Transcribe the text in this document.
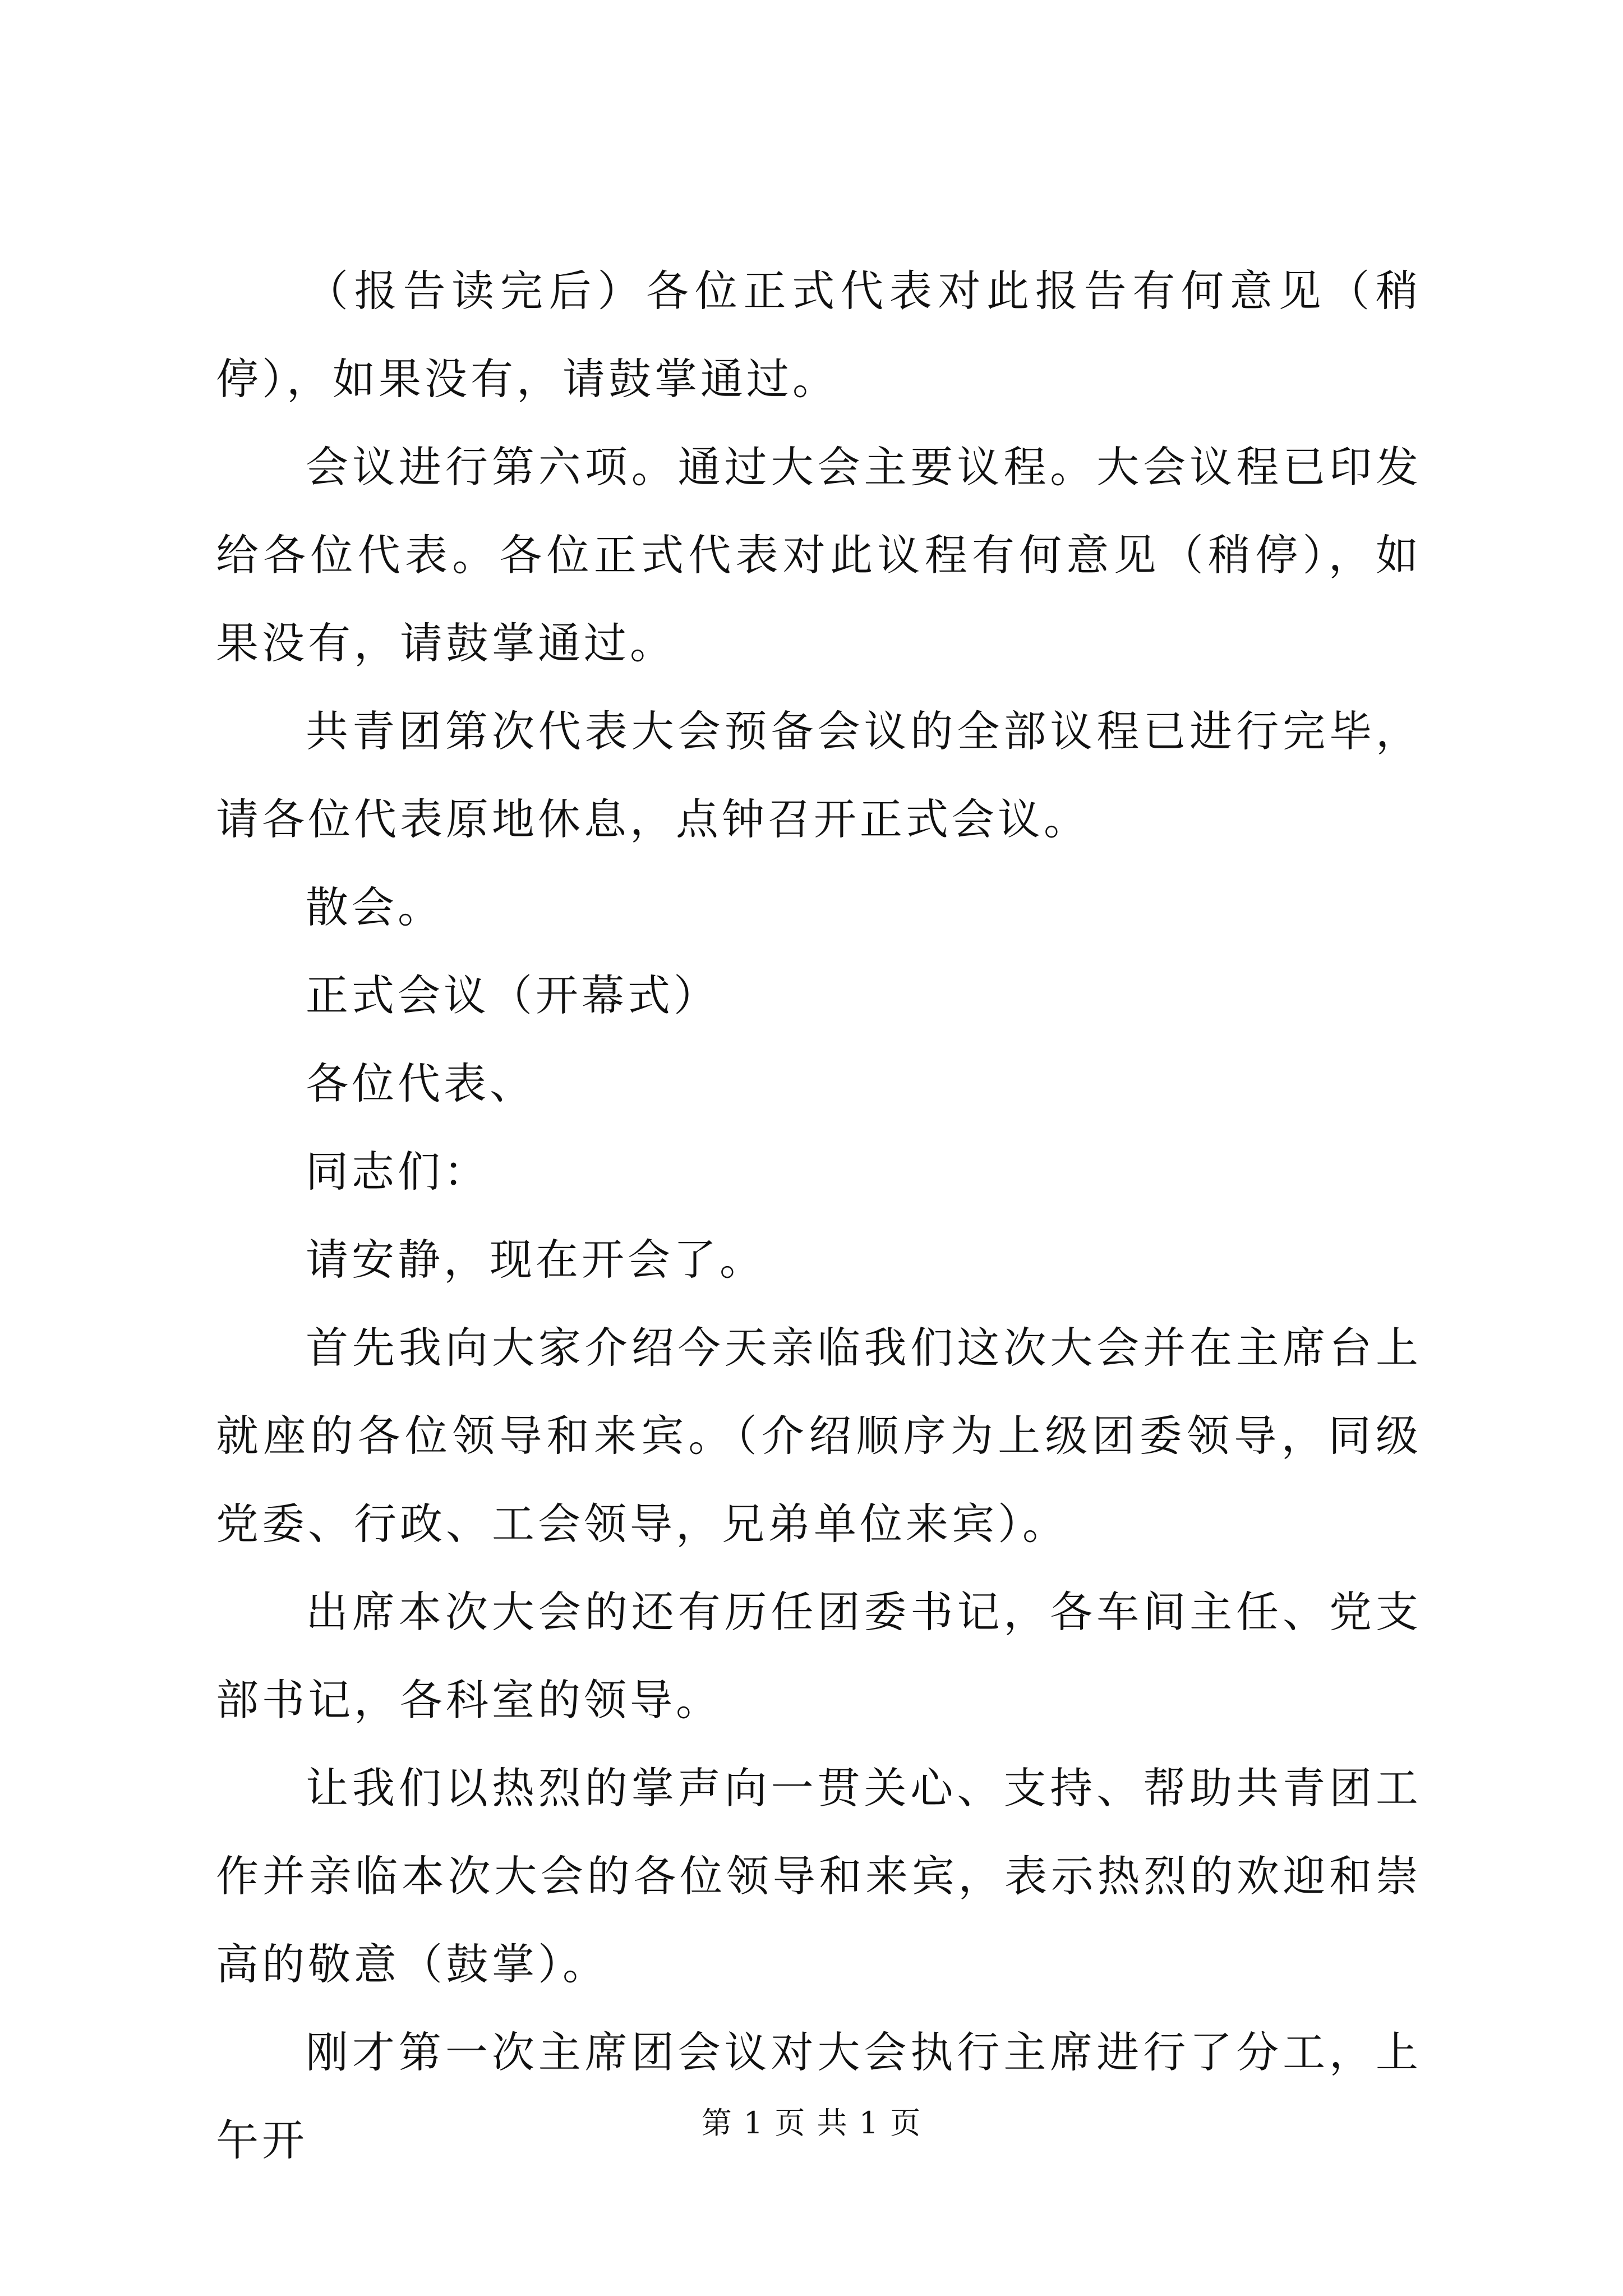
（报告读完后）各位正式代表对此报告有何意见（稍停），如果没有，请鼓掌通过。

会议进行第六项。通过大会主要议程。大会议程已印发给各位代表。各位正式代表对此议程有何意见（稍停），如果没有，请鼓掌通过。

共青团第次代表大会预备会议的全部议程已进行完毕，请各位代表原地休息，点钟召开正式会议。

散会。

正式会议（开幕式）

各位代表、

同志们：

请安静，现在开会了。

首先我向大家介绍今天亲临我们这次大会并在主席台上就座的各位领导和来宾。（介绍顺序为上级团委领导，同级党委、行政、工会领导，兄弟单位来宾）。

出席本次大会的还有历任团委书记，各车间主任、党支部书记，各科室的领导。

让我们以热烈的掌声向一贯关心、支持、帮助共青团工作并亲临本次大会的各位领导和来宾，表示热烈的欢迎和崇高的敬意（鼓掌）。

刚才第一次主席团会议对大会执行主席进行了分工，上午开	第 1 页 共 1 页
